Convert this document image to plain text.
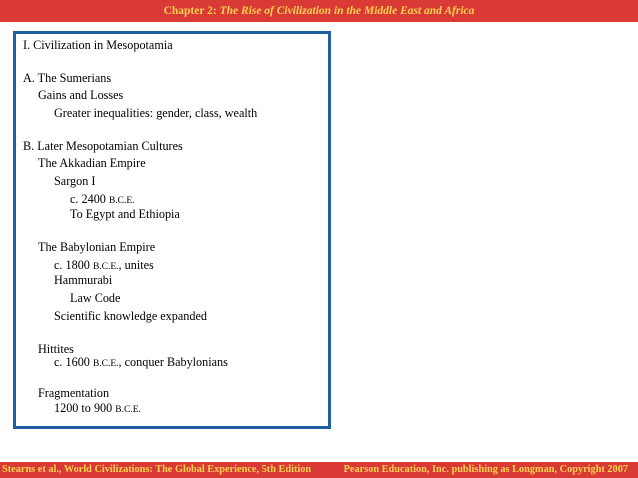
Chapter 2: The Rise of Civilization in the Middle East and Africa
I. Civilization in Mesopotamia
A. The Sumerians
Gains and Losses
Greater inequalities: gender, class, wealth
B. Later Mesopotamian Cultures
The Akkadian Empire
Sargon I
c. 2400 B.C.E.
To Egypt and Ethiopia
The Babylonian Empire
c. 1800 B.C.E., unites
Hammurabi
Law Code
Scientific knowledge expanded
Hittites
c. 1600 B.C.E., conquer Babylonians
Fragmentation
1200 to 900 B.C.E.
Stearns et al., World Civilizations: The Global Experience, 5th Edition	Pearson Education, Inc. publishing as Longman, Copyright 2007
